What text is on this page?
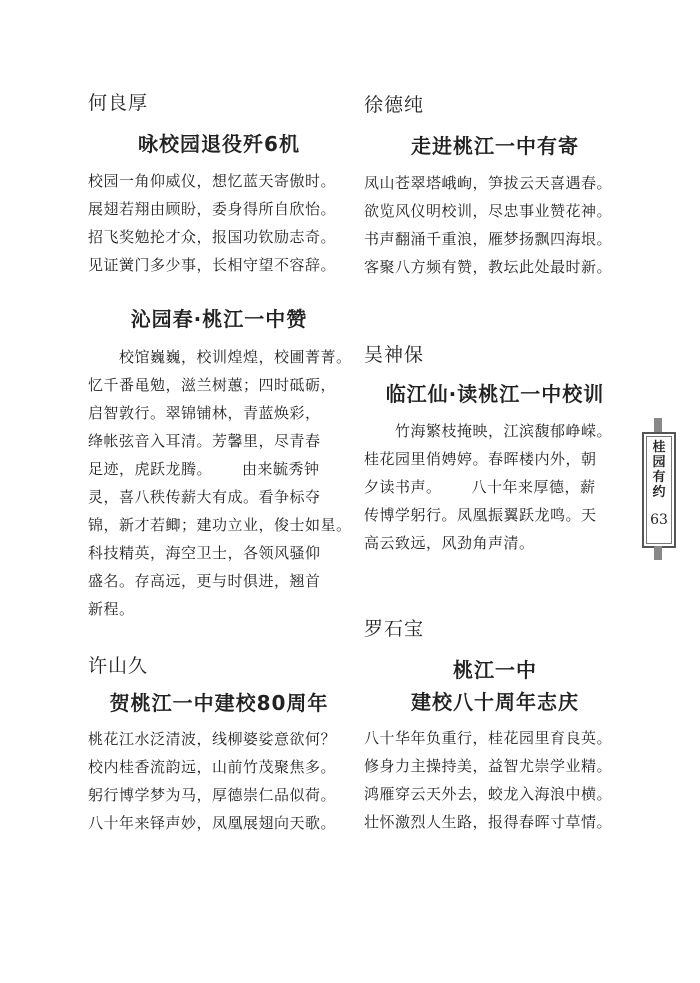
何良厚

咏校园退役歼6机

校园一角仰威仪，想忆蓝天寄傲时。

展翅若翔由顾盼，委身得所自欣怡。

招飞奖勉抡才众，报国功钦励志奇。

见证黉门多少事，长相守望不容辞。

沁园春·桃江一中赞

　　校馆巍巍，校训煌煌，校圃菁菁。

忆千番黾勉，滋兰树蕙；四时砥砺，

启智敦行。翠锦铺林，青蓝焕彩，

绛帐弦音入耳清。芳馨里，尽青春

足迹，虎跃龙腾。 由来毓秀钟

灵，喜八秩传薪大有成。看争标夺

锦，新才若鲫；建功立业，俊士如星。

科技精英，海空卫士，各领风骚仰

盛名。存高远，更与时俱进，翘首

新程。

许山久

贺桃江一中建校80周年

桃花江水泛清波，线柳婆娑意欲何？

校内桂香流韵远，山前竹茂聚焦多。

躬行博学梦为马，厚德崇仁品似荷。

八十年来铎声妙，凤凰展翅向天歌。

徐德纯

走进桃江一中有寄

凤山苍翠塔峨峋，笋拔云天喜遇春。

欲览风仪明校训，尽忠事业赞花神。

书声翻涌千重浪，雁梦扬飘四海垠。

客聚八方频有赞，教坛此处最时新。

吴神保

临江仙·读桃江一中校训

　　竹海繁枝掩映，江滨馥郁峥嵘。

桂花园里俏娉婷。春晖楼内外，朝

夕读书声。 八十年来厚德，薪

传博学躬行。凤凰振翼跃龙鸣。天

高云致远，风劲角声清。

罗石宝

桃江一中

建校八十周年志庆

八十华年负重行，桂花园里育良英。

修身力主操持美，益智尤崇学业精。

鸿雁穿云天外去，蛟龙入海浪中横。

壮怀激烈人生路，报得春晖寸草情。

桂
园
有
约
63
